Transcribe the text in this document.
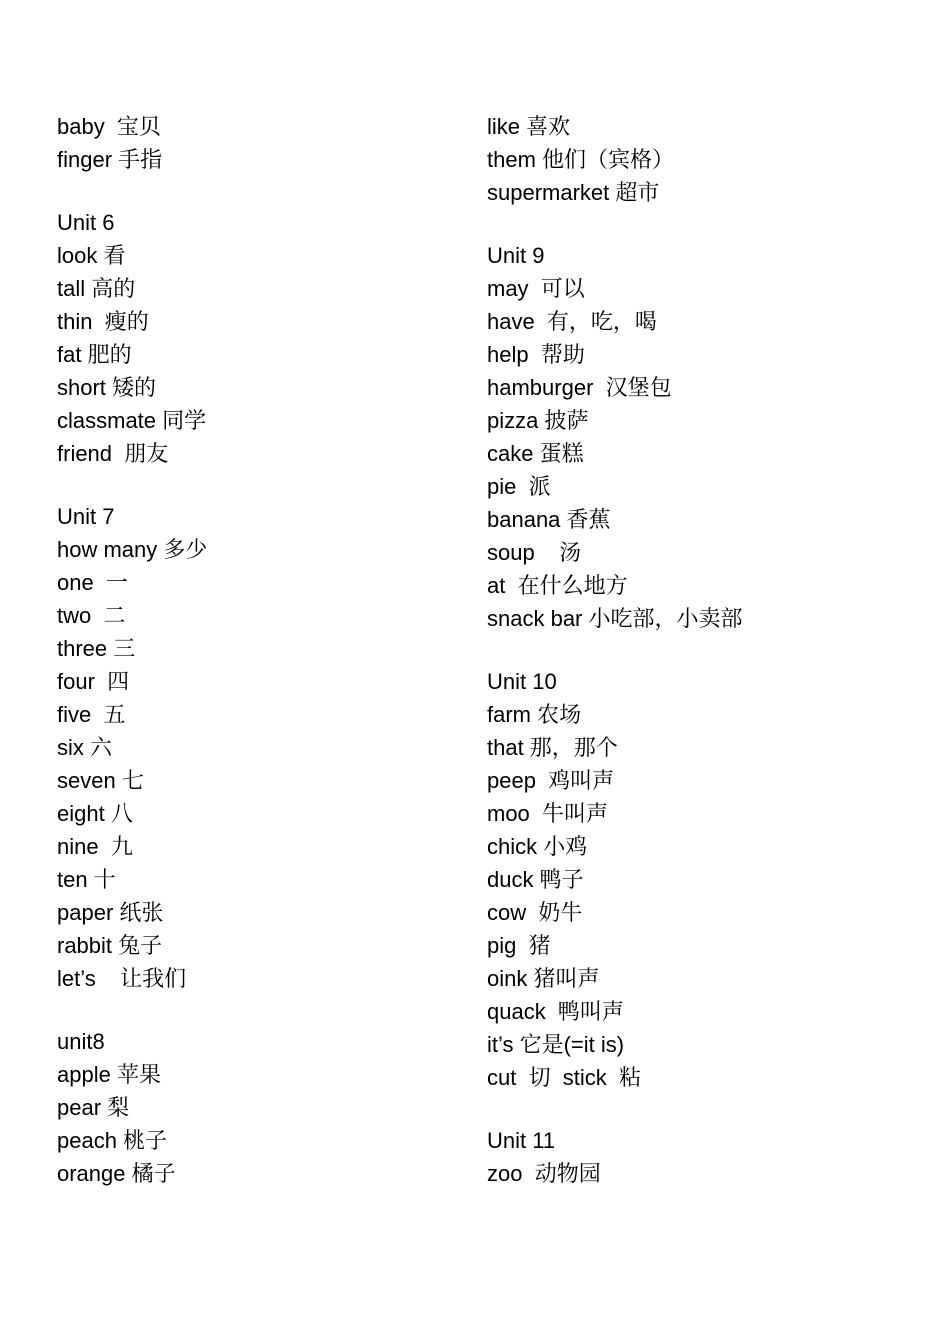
baby  宝贝
finger 手指
Unit 6
look 看
tall 高的
thin  瘦的
fat 肥的
short 矮的
classmate 同学
friend  朋友
Unit 7
how many 多少
one  一
two  二
three 三
four  四
five  五
six 六
seven 七
eight 八
nine  九
ten 十
paper 纸张
rabbit 兔子
let’s    让我们
unit8
apple 苹果
pear 梨
peach 桃子
orange 橘子
like 喜欢
them 他们（宾格）
supermarket 超市
Unit 9
may  可以
have  有，吃，喝
help  帮助
hamburger  汉堡包
pizza 披萨
cake 蛋糕
pie  派
banana 香蕉
soup    汤
at  在什么地方
snack bar 小吃部，小卖部
Unit 10
farm 农场
that 那，那个
peep  鸡叫声
moo  牛叫声
chick 小鸡
duck 鸭子
cow  奶牛
pig  猪
oink 猪叫声
quack  鸭叫声
it’s 它是(=it is)
cut  切  stick  粘
Unit 11
zoo  动物园
